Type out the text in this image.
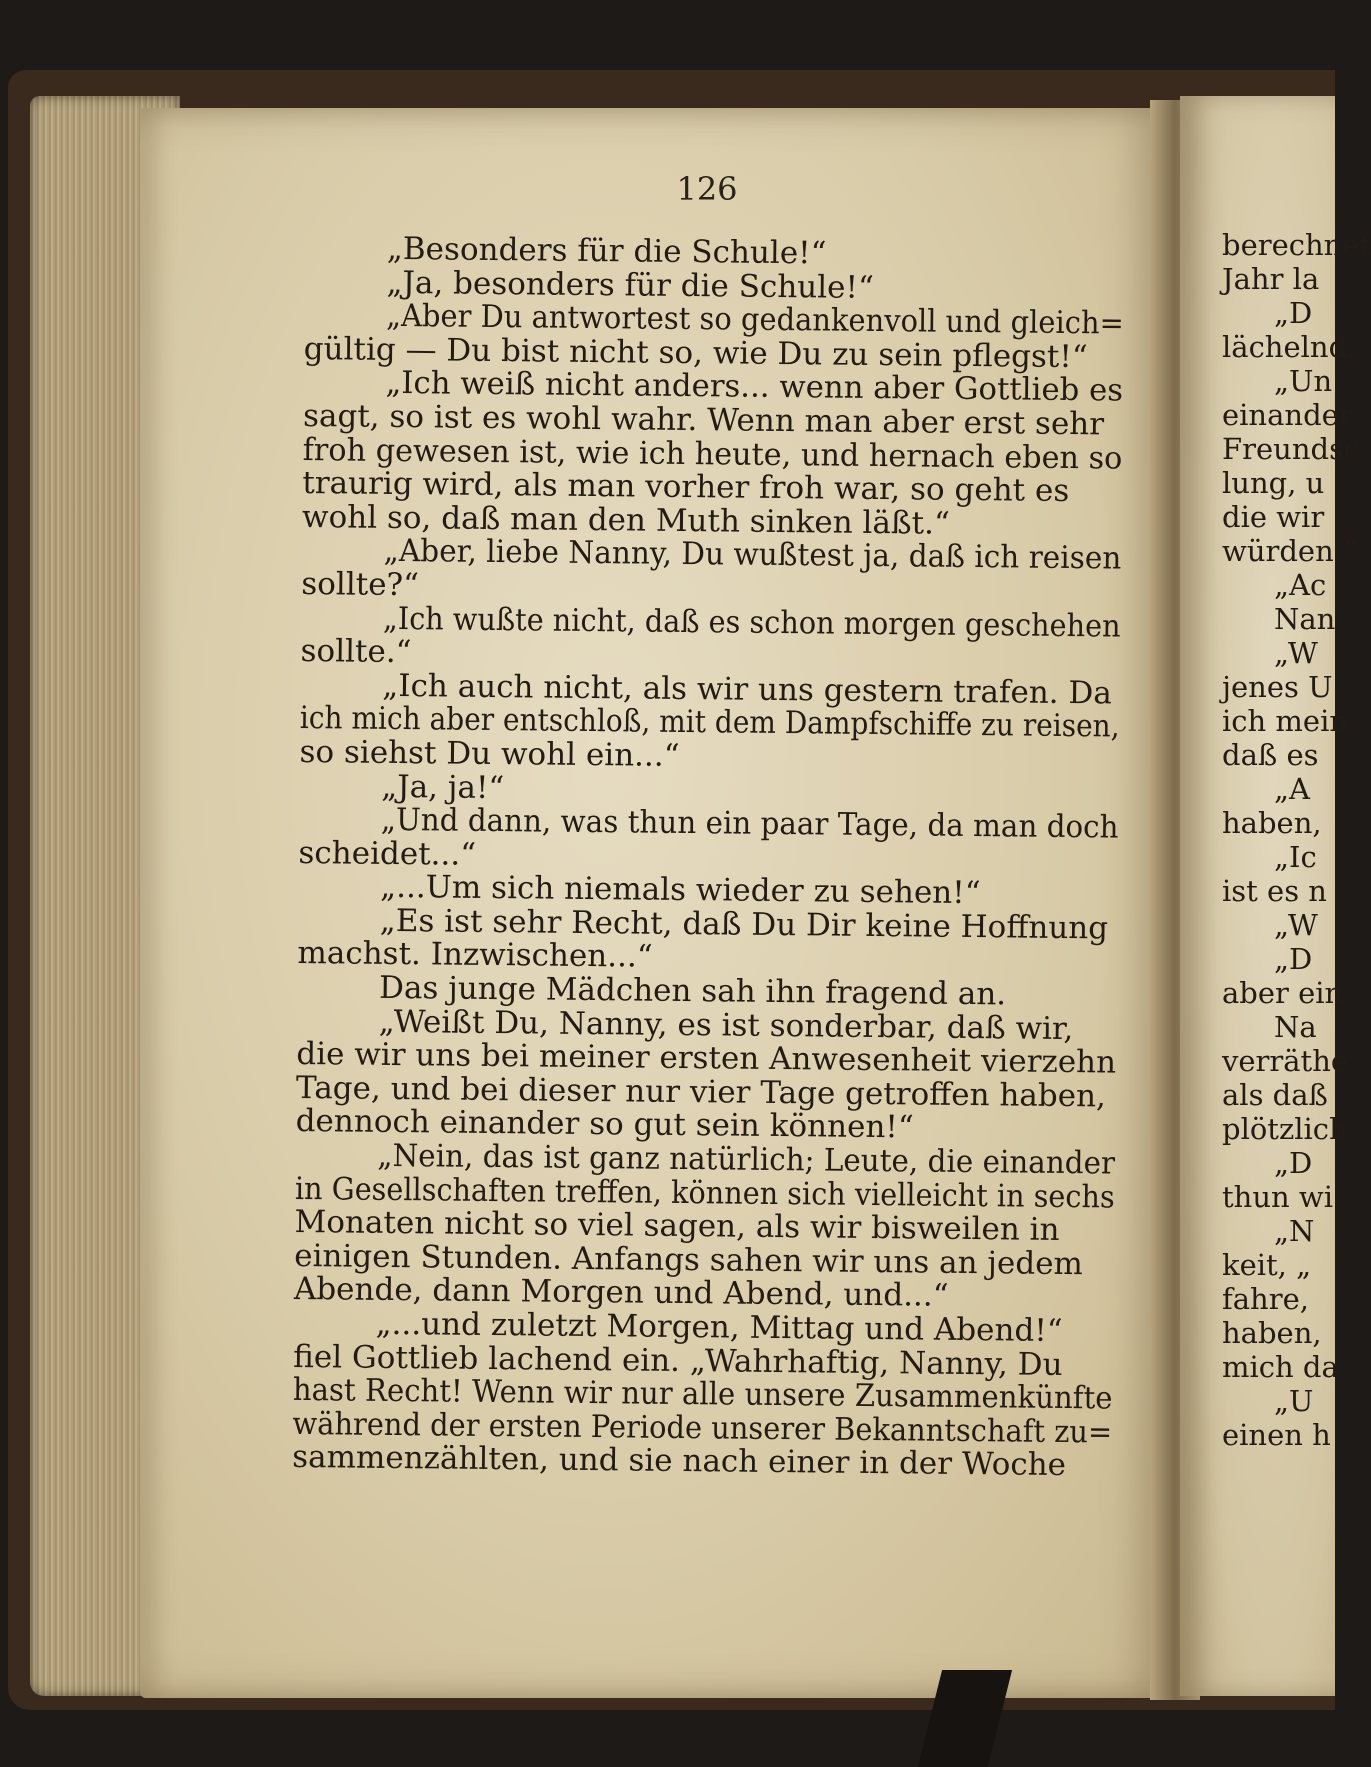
126
„Besonders für die Schule!“
„Ja, besonders für die Schule!“
„Aber Du antwortest so gedankenvoll und gleich=
gültig — Du bist nicht so, wie Du zu sein pflegst!“
„Ich weiß nicht anders... wenn aber Gottlieb es
sagt, so ist es wohl wahr. Wenn man aber erst sehr
froh gewesen ist, wie ich heute, und hernach eben so
traurig wird, als man vorher froh war, so geht es
wohl so, daß man den Muth sinken läßt.“
„Aber, liebe Nanny, Du wußtest ja, daß ich reisen
sollte?“
„Ich wußte nicht, daß es schon morgen geschehen
sollte.“
„Ich auch nicht, als wir uns gestern trafen. Da
ich mich aber entschloß, mit dem Dampfschiffe zu reisen,
so siehst Du wohl ein...“
„Ja, ja!“
„Und dann, was thun ein paar Tage, da man doch
scheidet...“
„...Um sich niemals wieder zu sehen!“
„Es ist sehr Recht, daß Du Dir keine Hoffnung
machst. Inzwischen...“
Das junge Mädchen sah ihn fragend an.
„Weißt Du, Nanny, es ist sonderbar, daß wir,
die wir uns bei meiner ersten Anwesenheit vierzehn
Tage, und bei dieser nur vier Tage getroffen haben,
dennoch einander so gut sein können!“
„Nein, das ist ganz natürlich; Leute, die einander
in Gesellschaften treffen, können sich vielleicht in sechs
Monaten nicht so viel sagen, als wir bisweilen in
einigen Stunden. Anfangs sahen wir uns an jedem
Abende, dann Morgen und Abend, und...“
„...und zuletzt Morgen, Mittag und Abend!“
fiel Gottlieb lachend ein. „Wahrhaftig, Nanny, Du
hast Recht! Wenn wir nur alle unsere Zusammenkünfte
während der ersten Periode unserer Bekanntschaft zu=
sammenzählten, und sie nach einer in der Woche
berechnet
Jahr la
„D
lächelnd.
„Un
einander
Freundsc
lung, u
die wir
würden.“
„Ac
Nan
„W
jenes U
ich mein
daß es
„A
haben,
„Ic
ist es n
„W
„D
aber ein
Na
verräthe
als daß
plötzlich
„D
thun wi
„N
keit, „
fahre,
haben,
mich da
„U
einen h
